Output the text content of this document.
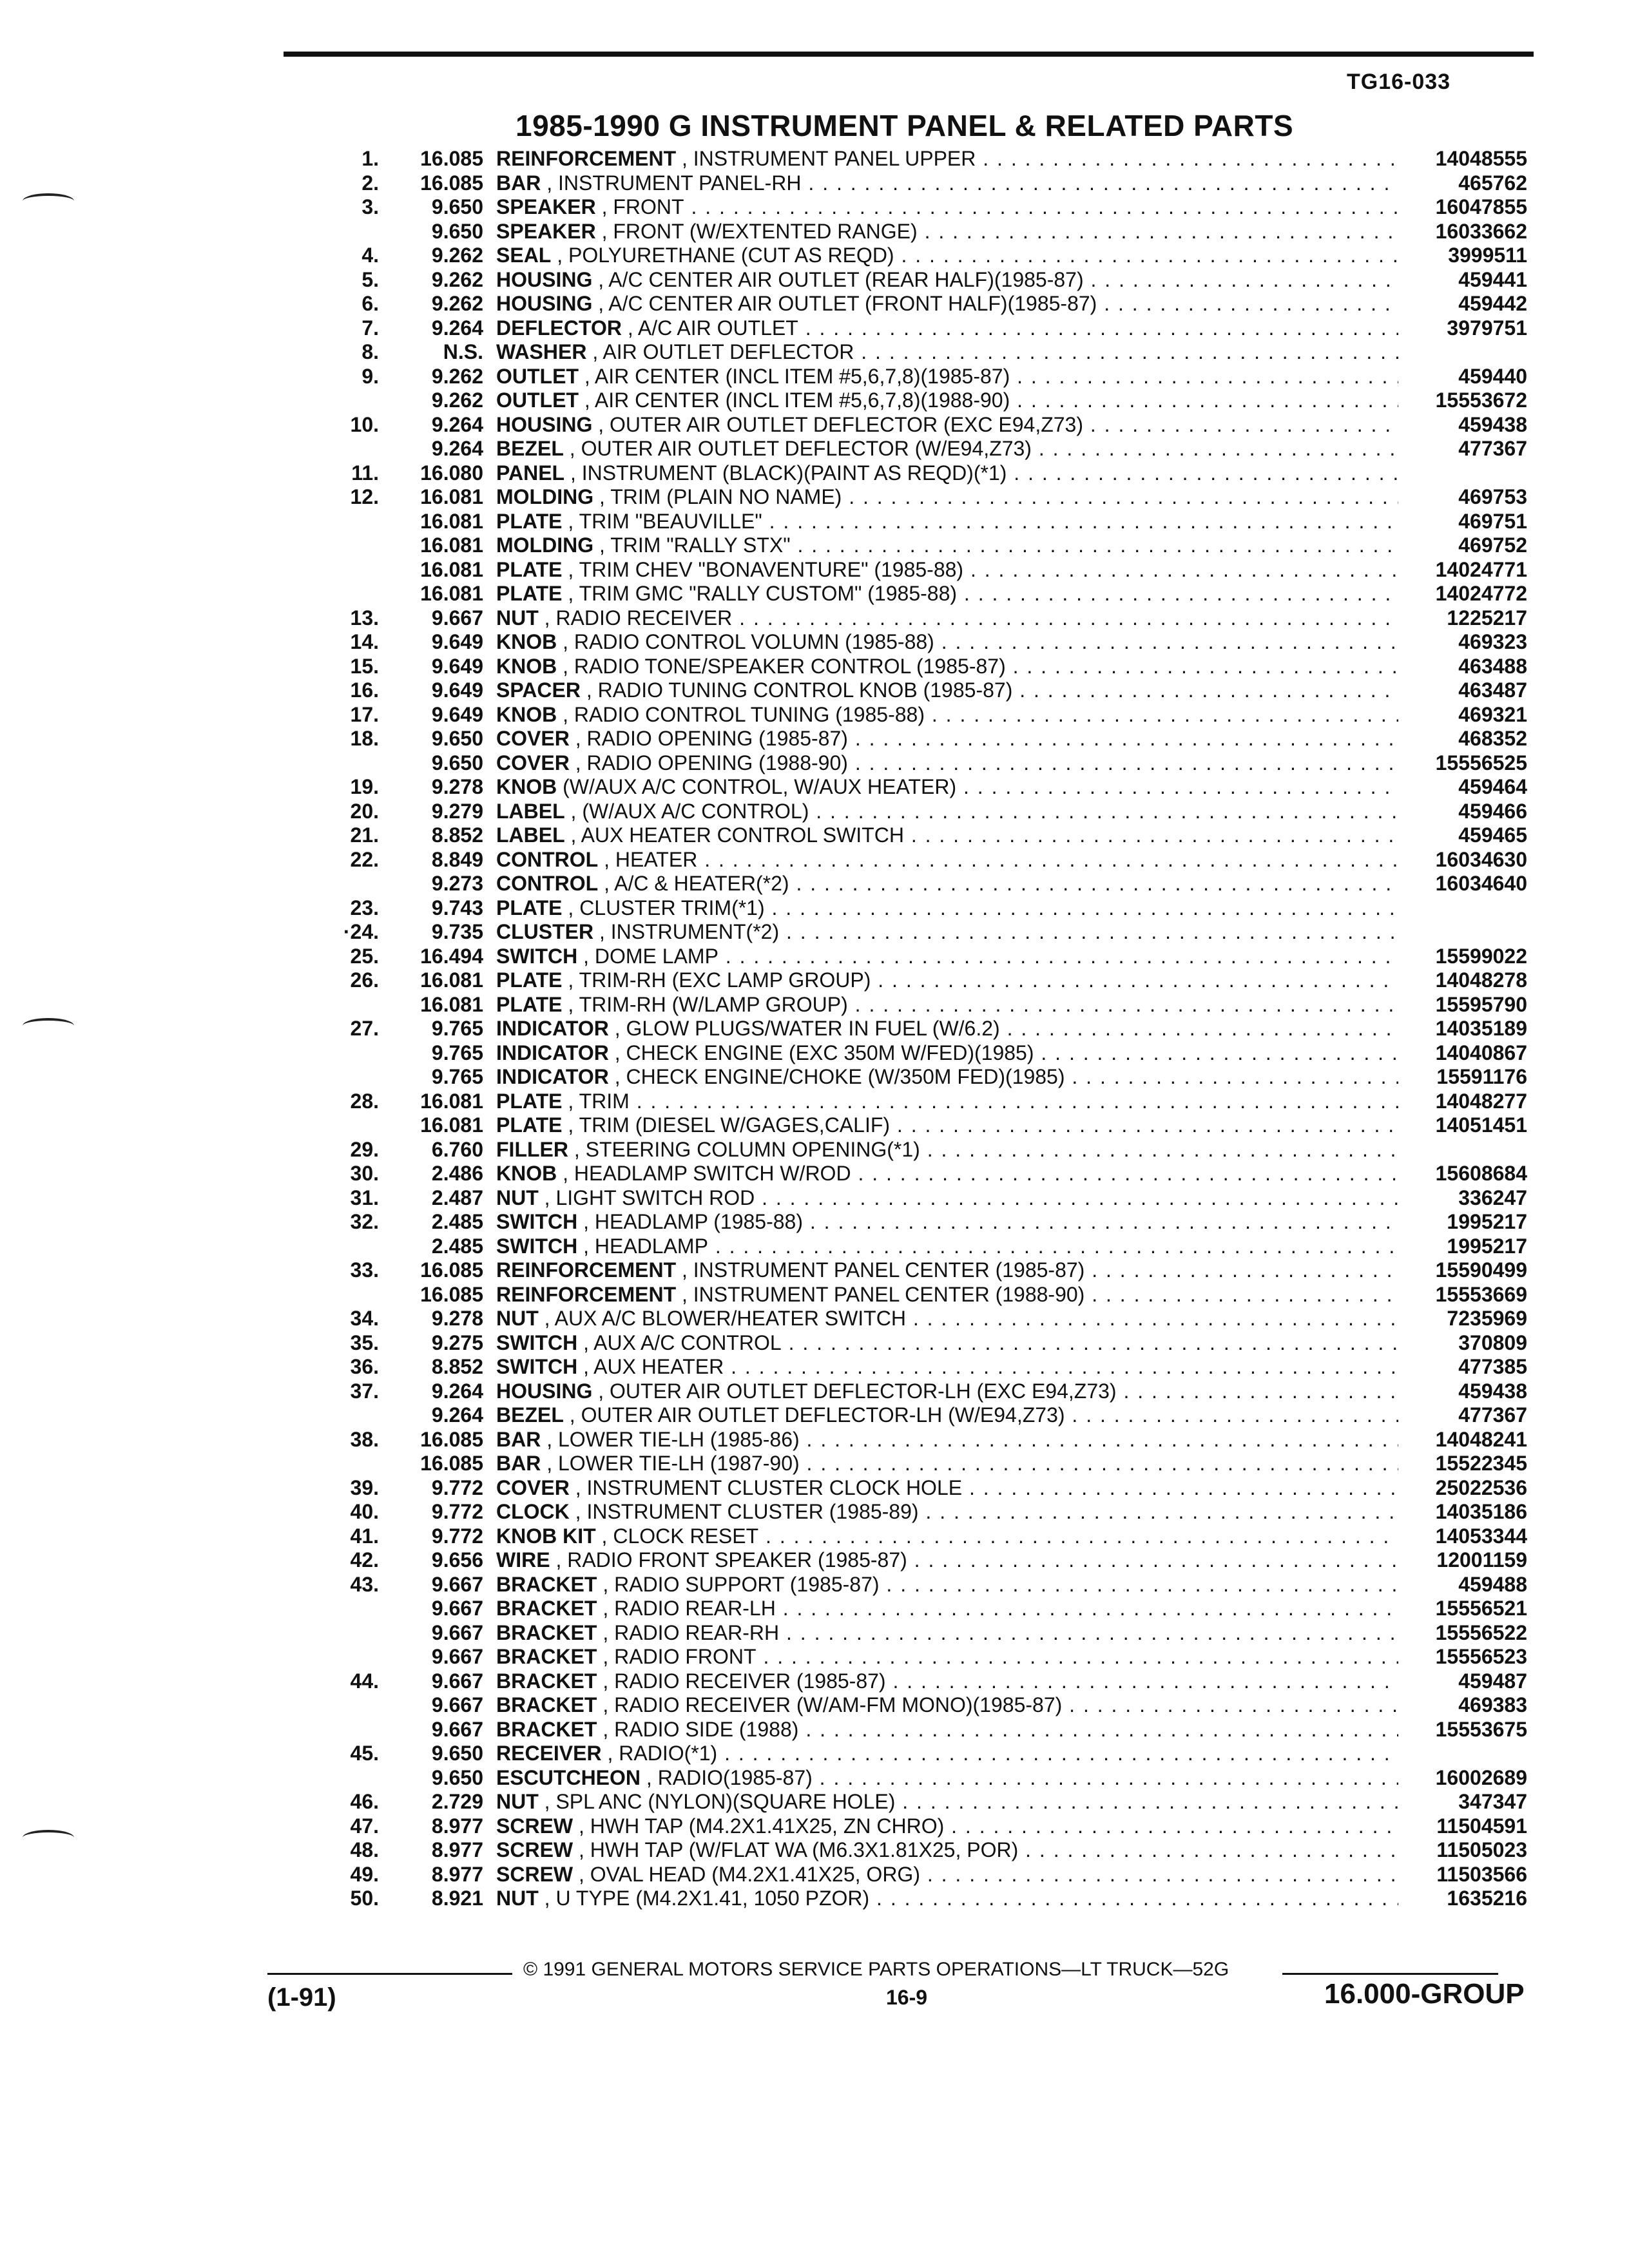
TG16-033
1985-1990 G INSTRUMENT PANEL & RELATED PARTS
1. 16.085 REINFORCEMENT , INSTRUMENT PANEL UPPER . . .	14048555
2. 16.085 BAR , INSTRUMENT PANEL-RH . . .	465762
3.	9.650 SPEAKER , FRONT . . .	16047855
9.650 SPEAKER , FRONT (W/EXTENTED RANGE) . . .	16033662
4.	9.262 SEAL , POLYURETHANE (CUT AS REQD) . . .	3999511
5.	9.262 HOUSING , A/C CENTER AIR OUTLET (REAR HALF)(1985-87) . . .	459441
6.	9.262 HOUSING , A/C CENTER AIR OUTLET (FRONT HALF)(1985-87) . . .	459442
7.	9.264 DEFLECTOR , A/C AIR OUTLET . . .	3979751
8.	N.S. WASHER , AIR OUTLET DEFLECTOR . . .
9.	9.262 OUTLET , AIR CENTER (INCL ITEM #5,6,7,8)(1985-87) . . .	459440
9.262 OUTLET , AIR CENTER (INCL ITEM #5,6,7,8)(1988-90) . . .	15553672
10.	9.264 HOUSING , OUTER AIR OUTLET DEFLECTOR (EXC E94,Z73) . . .	459438
9.264 BEZEL , OUTER AIR OUTLET DEFLECTOR (W/E94,Z73) . . .	477367
11. 16.080 PANEL , INSTRUMENT (BLACK)(PAINT AS REQD)(*1) . . .
12. 16.081 MOLDING , TRIM (PLAIN NO NAME) . . .	469753
16.081 PLATE , TRIM "BEAUVILLE" . . .	469751
16.081 MOLDING , TRIM "RALLY STX" . . .	469752
16.081 PLATE , TRIM CHEV "BONAVENTURE" (1985-88) . . .	14024771
16.081 PLATE , TRIM GMC "RALLY CUSTOM" (1985-88) . . .	14024772
13.	9.667 NUT , RADIO RECEIVER . . .	1225217
14.	9.649 KNOB , RADIO CONTROL VOLUMN (1985-88) . . .	469323
15.	9.649 KNOB , RADIO TONE/SPEAKER CONTROL (1985-87) . . .	463488
16.	9.649 SPACER , RADIO TUNING CONTROL KNOB (1985-87) . . .	463487
17.	9.649 KNOB , RADIO CONTROL TUNING (1985-88) . . .	469321
18.	9.650 COVER , RADIO OPENING (1985-87) . . .	468352
9.650 COVER , RADIO OPENING (1988-90) . . .	15556525
19.	9.278 KNOB (W/AUX A/C CONTROL, W/AUX HEATER) . . .	459464
20.	9.279 LABEL , (W/AUX A/C CONTROL) . . .	459466
21.	8.852 LABEL , AUX HEATER CONTROL SWITCH . . .	459465
22.	8.849 CONTROL , HEATER . . .	16034630
9.273 CONTROL , A/C & HEATER(*2) . . .	16034640
23.	9.743 PLATE , CLUSTER TRIM(*1) . . .
·24.	9.735 CLUSTER , INSTRUMENT(*2) . . .
25. 16.494 SWITCH , DOME LAMP . . .	15599022
26. 16.081 PLATE , TRIM-RH (EXC LAMP GROUP) . . .	14048278
16.081 PLATE , TRIM-RH (W/LAMP GROUP) . . .	15595790
27.	9.765 INDICATOR , GLOW PLUGS/WATER IN FUEL (W/6.2) . . .	14035189
9.765 INDICATOR , CHECK ENGINE (EXC 350M W/FED)(1985) . . .	14040867
9.765 INDICATOR , CHECK ENGINE/CHOKE (W/350M FED)(1985) . . .	15591176
28. 16.081 PLATE , TRIM . . .	14048277
16.081 PLATE , TRIM (DIESEL W/GAGES,CALIF) . . .	14051451
29.	6.760 FILLER , STEERING COLUMN OPENING(*1) . . .
30.	2.486 KNOB , HEADLAMP SWITCH W/ROD . . .	15608684
31.	2.487 NUT , LIGHT SWITCH ROD . . .	336247
32.	2.485 SWITCH , HEADLAMP (1985-88) . . .	1995217
2.485 SWITCH , HEADLAMP . . .	1995217
33. 16.085 REINFORCEMENT , INSTRUMENT PANEL CENTER (1985-87) . . .	15590499
16.085 REINFORCEMENT , INSTRUMENT PANEL CENTER (1988-90) . . .	15553669
34.	9.278 NUT , AUX A/C BLOWER/HEATER SWITCH . . .	7235969
35.	9.275 SWITCH , AUX A/C CONTROL . . .	370809
36.	8.852 SWITCH , AUX HEATER . . .	477385
37.	9.264 HOUSING , OUTER AIR OUTLET DEFLECTOR-LH (EXC E94,Z73) . . .	459438
9.264 BEZEL , OUTER AIR OUTLET DEFLECTOR-LH (W/E94,Z73) . . .	477367
38. 16.085 BAR , LOWER TIE-LH (1985-86) . . .	14048241
16.085 BAR , LOWER TIE-LH (1987-90) . . .	15522345
39.	9.772 COVER , INSTRUMENT CLUSTER CLOCK HOLE . . .	25022536
40.	9.772 CLOCK , INSTRUMENT CLUSTER (1985-89) . . .	14035186
41.	9.772 KNOB KIT , CLOCK RESET . . .	14053344
42.	9.656 WIRE , RADIO FRONT SPEAKER (1985-87) . . .	12001159
43.	9.667 BRACKET , RADIO SUPPORT (1985-87) . . .	459488
9.667 BRACKET , RADIO REAR-LH . . .	15556521
9.667 BRACKET , RADIO REAR-RH . . .	15556522
9.667 BRACKET , RADIO FRONT . . .	15556523
44.	9.667 BRACKET , RADIO RECEIVER (1985-87) . . .	459487
9.667 BRACKET , RADIO RECEIVER (W/AM-FM MONO)(1985-87) . . .	469383
9.667 BRACKET , RADIO SIDE (1988) . . .	15553675
45.	9.650 RECEIVER , RADIO(*1) . . .
9.650 ESCUTCHEON , RADIO(1985-87) . . .	16002689
46.	2.729 NUT , SPL ANC (NYLON)(SQUARE HOLE) . . .	347347
47.	8.977 SCREW , HWH TAP (M4.2X1.41X25, ZN CHRO) . . .	11504591
48.	8.977 SCREW , HWH TAP (W/FLAT WA (M6.3X1.81X25, POR) . . .	11505023
49.	8.977 SCREW , OVAL HEAD (M4.2X1.41X25, ORG) . . .	11503566
50.	8.921 NUT , U TYPE (M4.2X1.41, 1050 PZOR) . . .	1635216
© 1991 GENERAL MOTORS SERVICE PARTS OPERATIONS—LT TRUCK—52G
(1-91)	16-9	16.000-GROUP
